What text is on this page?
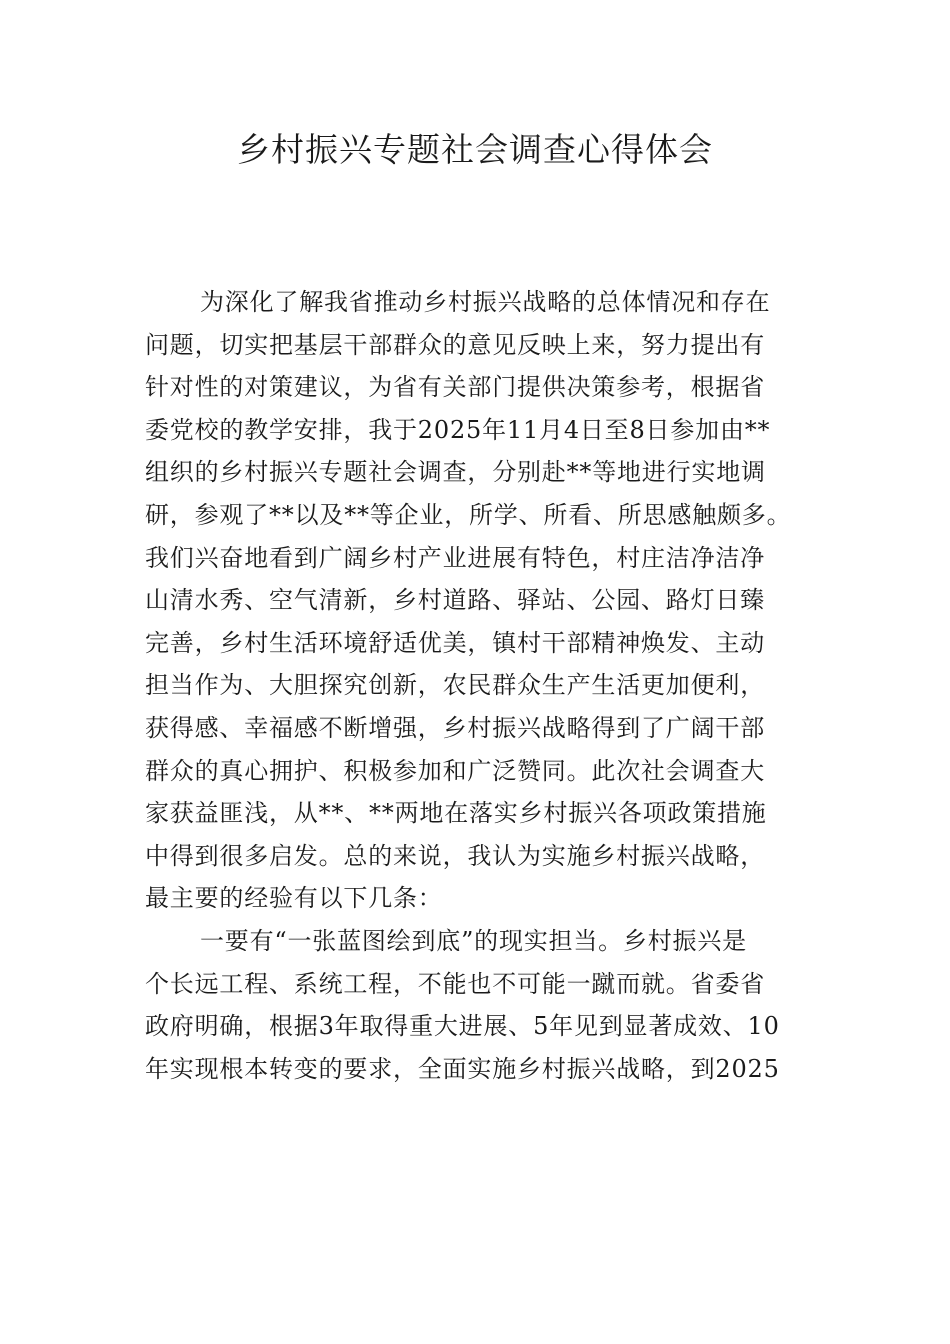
乡村振兴专题社会调查心得体会
为深化了解我省推动乡村振兴战略的总体情况和存在
问题，切实把基层干部群众的意见反映上来，努力提出有
针对性的对策建议，为省有关部门提供决策参考，根据省
委党校的教学安排，我于2025年11月4日至8日参加由**
组织的乡村振兴专题社会调查，分别赴**等地进行实地调
研，参观了**以及**等企业，所学、所看、所思感触颇多。
我们兴奋地看到广阔乡村产业进展有特色，村庄洁净洁净
山清水秀、空气清新，乡村道路、驿站、公园、路灯日臻
完善，乡村生活环境舒适优美，镇村干部精神焕发、主动
担当作为、大胆探究创新，农民群众生产生活更加便利，
获得感、幸福感不断增强，乡村振兴战略得到了广阔干部
群众的真心拥护、积极参加和广泛赞同。此次社会调查大
家获益匪浅，从**、**两地在落实乡村振兴各项政策措施
中得到很多启发。总的来说，我认为实施乡村振兴战略，
最主要的经验有以下几条：
一要有“一张蓝图绘到底”的现实担当。乡村振兴是
个长远工程、系统工程，不能也不可能一蹴而就。省委省
政府明确，根据3年取得重大进展、5年见到显著成效、10
年实现根本转变的要求，全面实施乡村振兴战略，到2025
